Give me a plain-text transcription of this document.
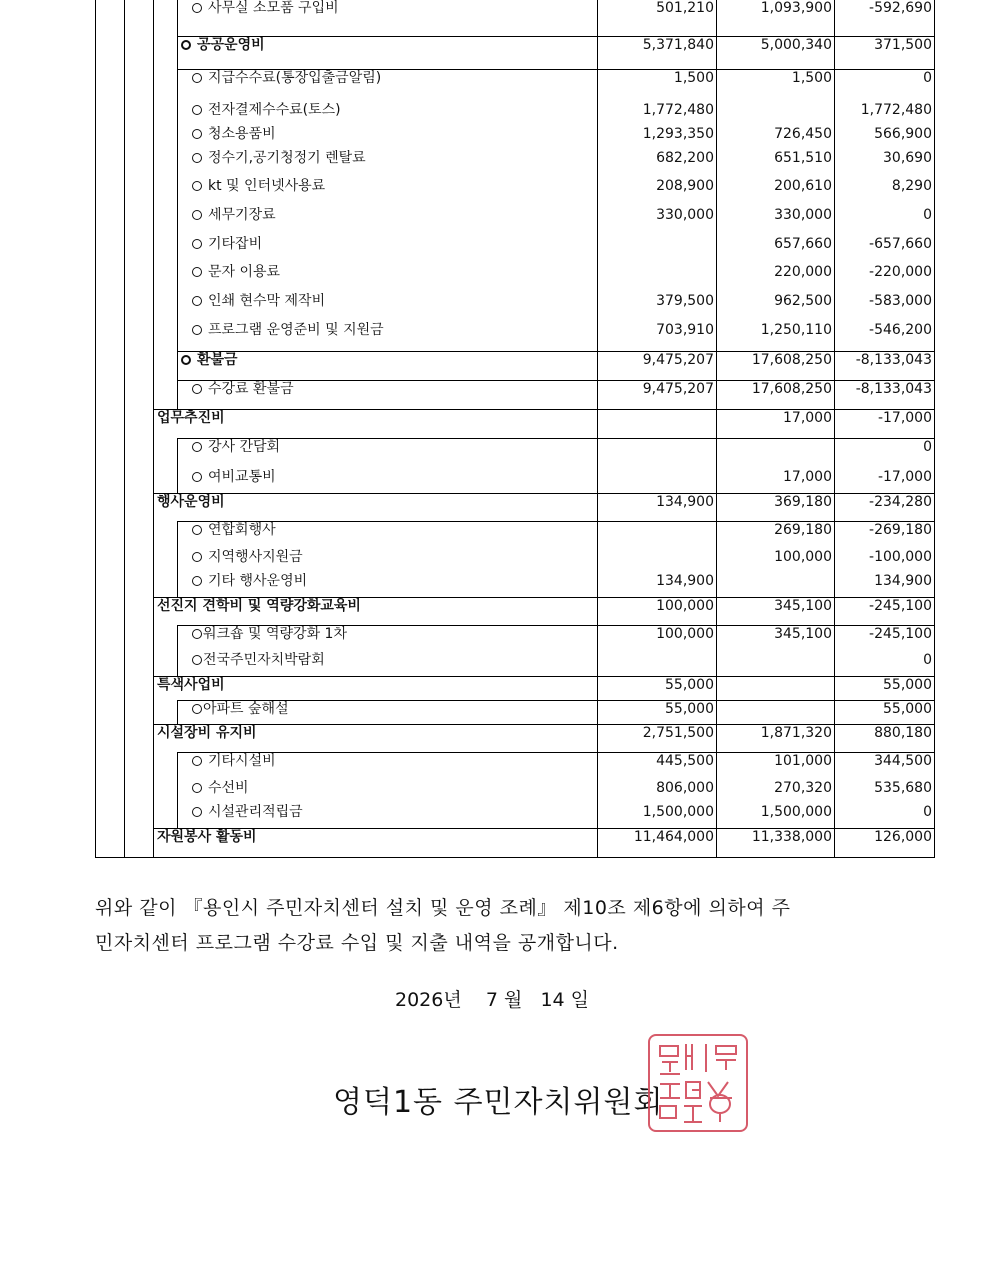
			사무실 소모품 구입비	501,210	1,093,900	-592,690
			공공운영비	5,371,840	5,000,340	371,500
			지급수수료(통장입출금알림)	1,500	1,500	0
			전자결제수수료(토스)	1,772,480		1,772,480
			청소용품비	1,293,350	726,450	566,900
			정수기,공기청정기 렌탈료	682,200	651,510	30,690
			kt 및 인터넷사용료	208,900	200,610	8,290
			세무기장료	330,000	330,000	0
			기타잡비		657,660	-657,660
			문자 이용료		220,000	-220,000
			인쇄 현수막 제작비	379,500	962,500	-583,000
			프로그램 운영준비 및 지원금	703,910	1,250,110	-546,200
			환불금	9,475,207	17,608,250	-8,133,043
			수강료 환불금	9,475,207	17,608,250	-8,133,043
		업무추진비			17,000	-17,000
			강사 간담회			0
			여비교통비		17,000	-17,000
		행사운영비		134,900	369,180	-234,280
			연합회행사		269,180	-269,180
			지역행사지원금		100,000	-100,000
			기타 행사운영비	134,900		134,900
		선진지 견학비 및 역량강화교육비		100,000	345,100	-245,100
			워크숍 및 역량강화 1차	100,000	345,100	-245,100
			전국주민자치박람회			0
		특색사업비		55,000		55,000
			아파트 숲해설	55,000		55,000
		시설장비 유지비		2,751,500	1,871,320	880,180
			기타시설비	445,500	101,000	344,500
			수선비	806,000	270,320	535,680
			시설관리적립금	1,500,000	1,500,000	0
		자원봉사 활동비		11,464,000	11,338,000	126,000
위와 같이 『용인시 주민자치센터 설치 및 운영 조례』 제10조 제6항에 의하여 주
민자치센터 프로그램 수강료 수입 및 지출 내역을 공개합니다.
2026년    7 월   14 일
영덕1동 주민자치위원회
